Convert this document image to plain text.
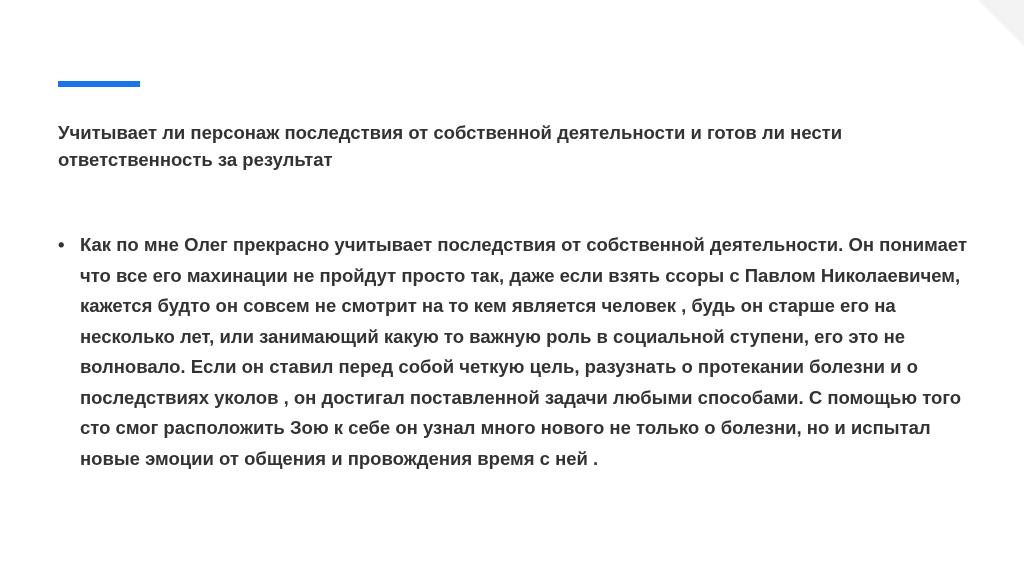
Учитывает ли персонаж последствия от собственной деятельности и готов ли нести ответственность за результат
• Как по мне Олег прекрасно учитывает последствия от собственной деятельности. Он понимает что все его махинации не пройдут просто так, даже если взять ссоры с Павлом Николаевичем, кажется будто он совсем не смотрит на то кем является человек , будь он старше его на несколько лет, или занимающий какую то важную роль в социальной ступени, его это не волновало. Если он ставил перед собой четкую цель, разузнать о протекании болезни и о последствиях уколов , он достигал поставленной задачи любыми способами. С помощью того сто смог расположить Зою к себе он узнал много нового не только о болезни, но и испытал новые эмоции от общения и провождения время с ней .
